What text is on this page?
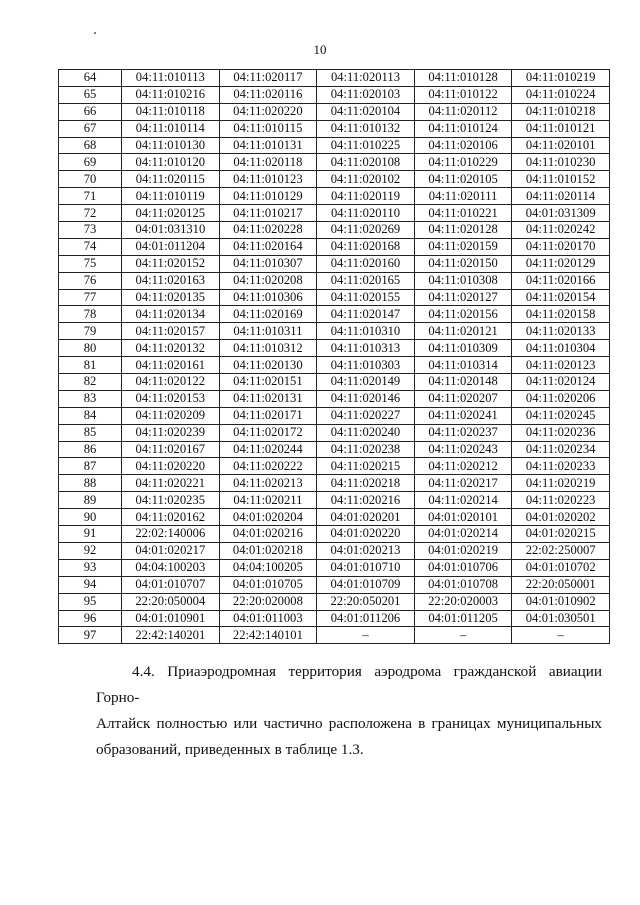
10
64	04:11:010113	04:11:020117	04:11:020113	04:11:010128	04:11:010219
65	04:11:010216	04:11:020116	04:11:020103	04:11:010122	04:11:010224
66	04:11:010118	04:11:020220	04:11:020104	04:11:020112	04:11:010218
67	04:11:010114	04:11:010115	04:11:010132	04:11:010124	04:11:010121
68	04:11:010130	04:11:010131	04:11:010225	04:11:020106	04:11:020101
69	04:11:010120	04:11:020118	04:11:020108	04:11:010229	04:11:010230
70	04:11:020115	04:11:010123	04:11:020102	04:11:020105	04:11:010152
71	04:11:010119	04:11:010129	04:11:020119	04:11:020111	04:11:020114
72	04:11:020125	04:11:010217	04:11:020110	04:11:010221	04:01:031309
73	04:01:031310	04:11:020228	04:11:020269	04:11:020128	04:11:020242
74	04:01:011204	04:11:020164	04:11:020168	04:11:020159	04:11:020170
75	04:11:020152	04:11:010307	04:11:020160	04:11:020150	04:11:020129
76	04:11:020163	04:11:020208	04:11:020165	04:11:010308	04:11:020166
77	04:11:020135	04:11:010306	04:11:020155	04:11:020127	04:11:020154
78	04:11:020134	04:11:020169	04:11:020147	04:11:020156	04:11:020158
79	04:11:020157	04:11:010311	04:11:010310	04:11:020121	04:11:020133
80	04:11:020132	04:11:010312	04:11:010313	04:11:010309	04:11:010304
81	04:11:020161	04:11:020130	04:11:010303	04:11:010314	04:11:020123
82	04:11:020122	04:11:020151	04:11:020149	04:11:020148	04:11:020124
83	04:11:020153	04:11:020131	04:11:020146	04:11:020207	04:11:020206
84	04:11:020209	04:11:020171	04:11:020227	04:11:020241	04:11:020245
85	04:11:020239	04:11:020172	04:11:020240	04:11:020237	04:11:020236
86	04:11:020167	04:11:020244	04:11:020238	04:11:020243	04:11:020234
87	04:11:020220	04:11:020222	04:11:020215	04:11:020212	04:11:020233
88	04:11:020221	04:11:020213	04:11:020218	04:11:020217	04:11:020219
89	04:11:020235	04:11:020211	04:11:020216	04:11:020214	04:11:020223
90	04:11:020162	04:01:020204	04:01:020201	04:01:020101	04:01:020202
91	22:02:140006	04:01:020216	04:01:020220	04:01:020214	04:01:020215
92	04:01:020217	04:01:020218	04:01:020213	04:01:020219	22:02:250007
93	04:04:100203	04:04:100205	04:01:010710	04:01:010706	04:01:010702
94	04:01:010707	04:01:010705	04:01:010709	04:01:010708	22:20:050001
95	22:20:050004	22:20:020008	22:20:050201	22:20:020003	04:01:010902
96	04:01:010901	04:01:011003	04:01:011206	04:01:011205	04:01:030501
97	22:42:140201	22:42:140101	–	–	–
4.4. Приаэродромная территория аэродрома гражданской авиации Горно-
Алтайск полностью или частично расположена в границах муниципальных
образований, приведенных в таблице 1.3.
